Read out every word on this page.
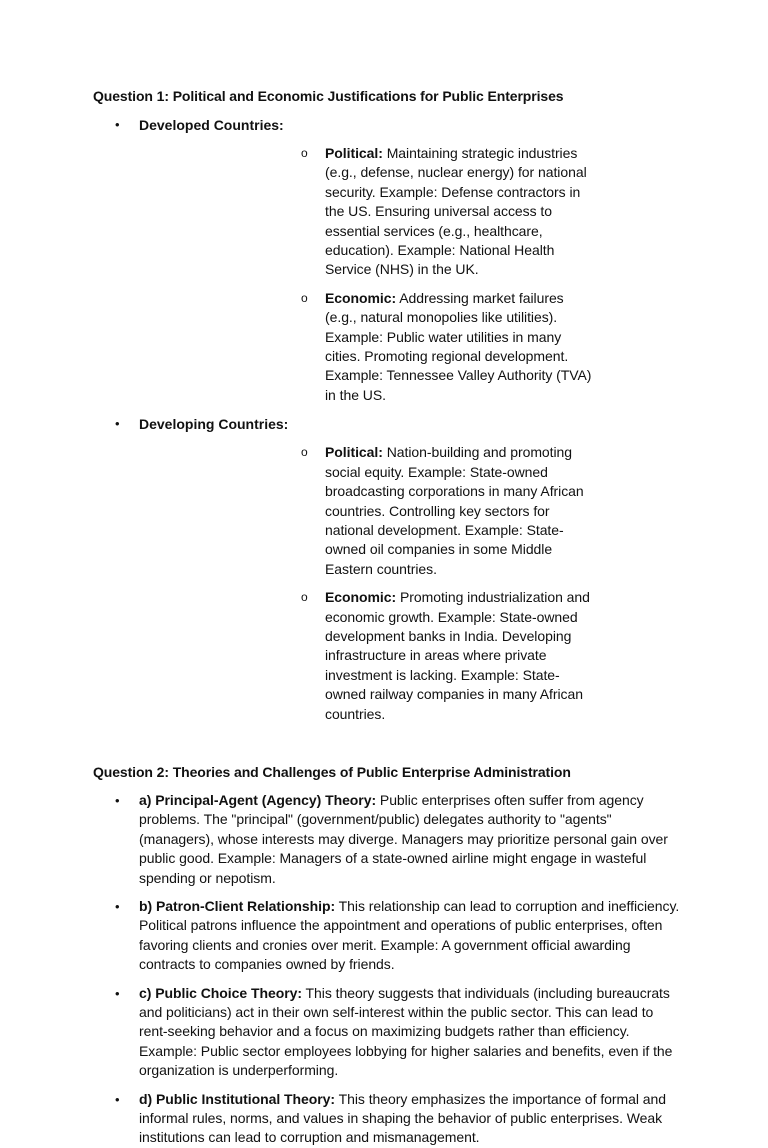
Question 1: Political and Economic Justifications for Public Enterprises
• Developed Countries:
o Political: Maintaining strategic industries (e.g., defense, nuclear energy) for national security. Example: Defense contractors in the US. Ensuring universal access to essential services (e.g., healthcare, education). Example: National Health Service (NHS) in the UK.
o Economic: Addressing market failures (e.g., natural monopolies like utilities). Example: Public water utilities in many cities. Promoting regional development. Example: Tennessee Valley Authority (TVA) in the US.
• Developing Countries:
o Political: Nation-building and promoting social equity. Example: State-owned broadcasting corporations in many African countries. Controlling key sectors for national development. Example: State-owned oil companies in some Middle Eastern countries.
o Economic: Promoting industrialization and economic growth. Example: State-owned development banks in India. Developing infrastructure in areas where private investment is lacking. Example: State-owned railway companies in many African countries.
Question 2: Theories and Challenges of Public Enterprise Administration
• a) Principal-Agent (Agency) Theory: Public enterprises often suffer from agency problems. The "principal" (government/public) delegates authority to "agents" (managers), whose interests may diverge. Managers may prioritize personal gain over public good. Example: Managers of a state-owned airline might engage in wasteful spending or nepotism.
• b) Patron-Client Relationship: This relationship can lead to corruption and inefficiency. Political patrons influence the appointment and operations of public enterprises, often favoring clients and cronies over merit. Example: A government official awarding contracts to companies owned by friends.
• c) Public Choice Theory: This theory suggests that individuals (including bureaucrats and politicians) act in their own self-interest within the public sector. This can lead to rent-seeking behavior and a focus on maximizing budgets rather than efficiency. Example: Public sector employees lobbying for higher salaries and benefits, even if the organization is underperforming.
• d) Public Institutional Theory: This theory emphasizes the importance of formal and informal rules, norms, and values in shaping the behavior of public enterprises. Weak institutions can lead to corruption and mismanagement.
